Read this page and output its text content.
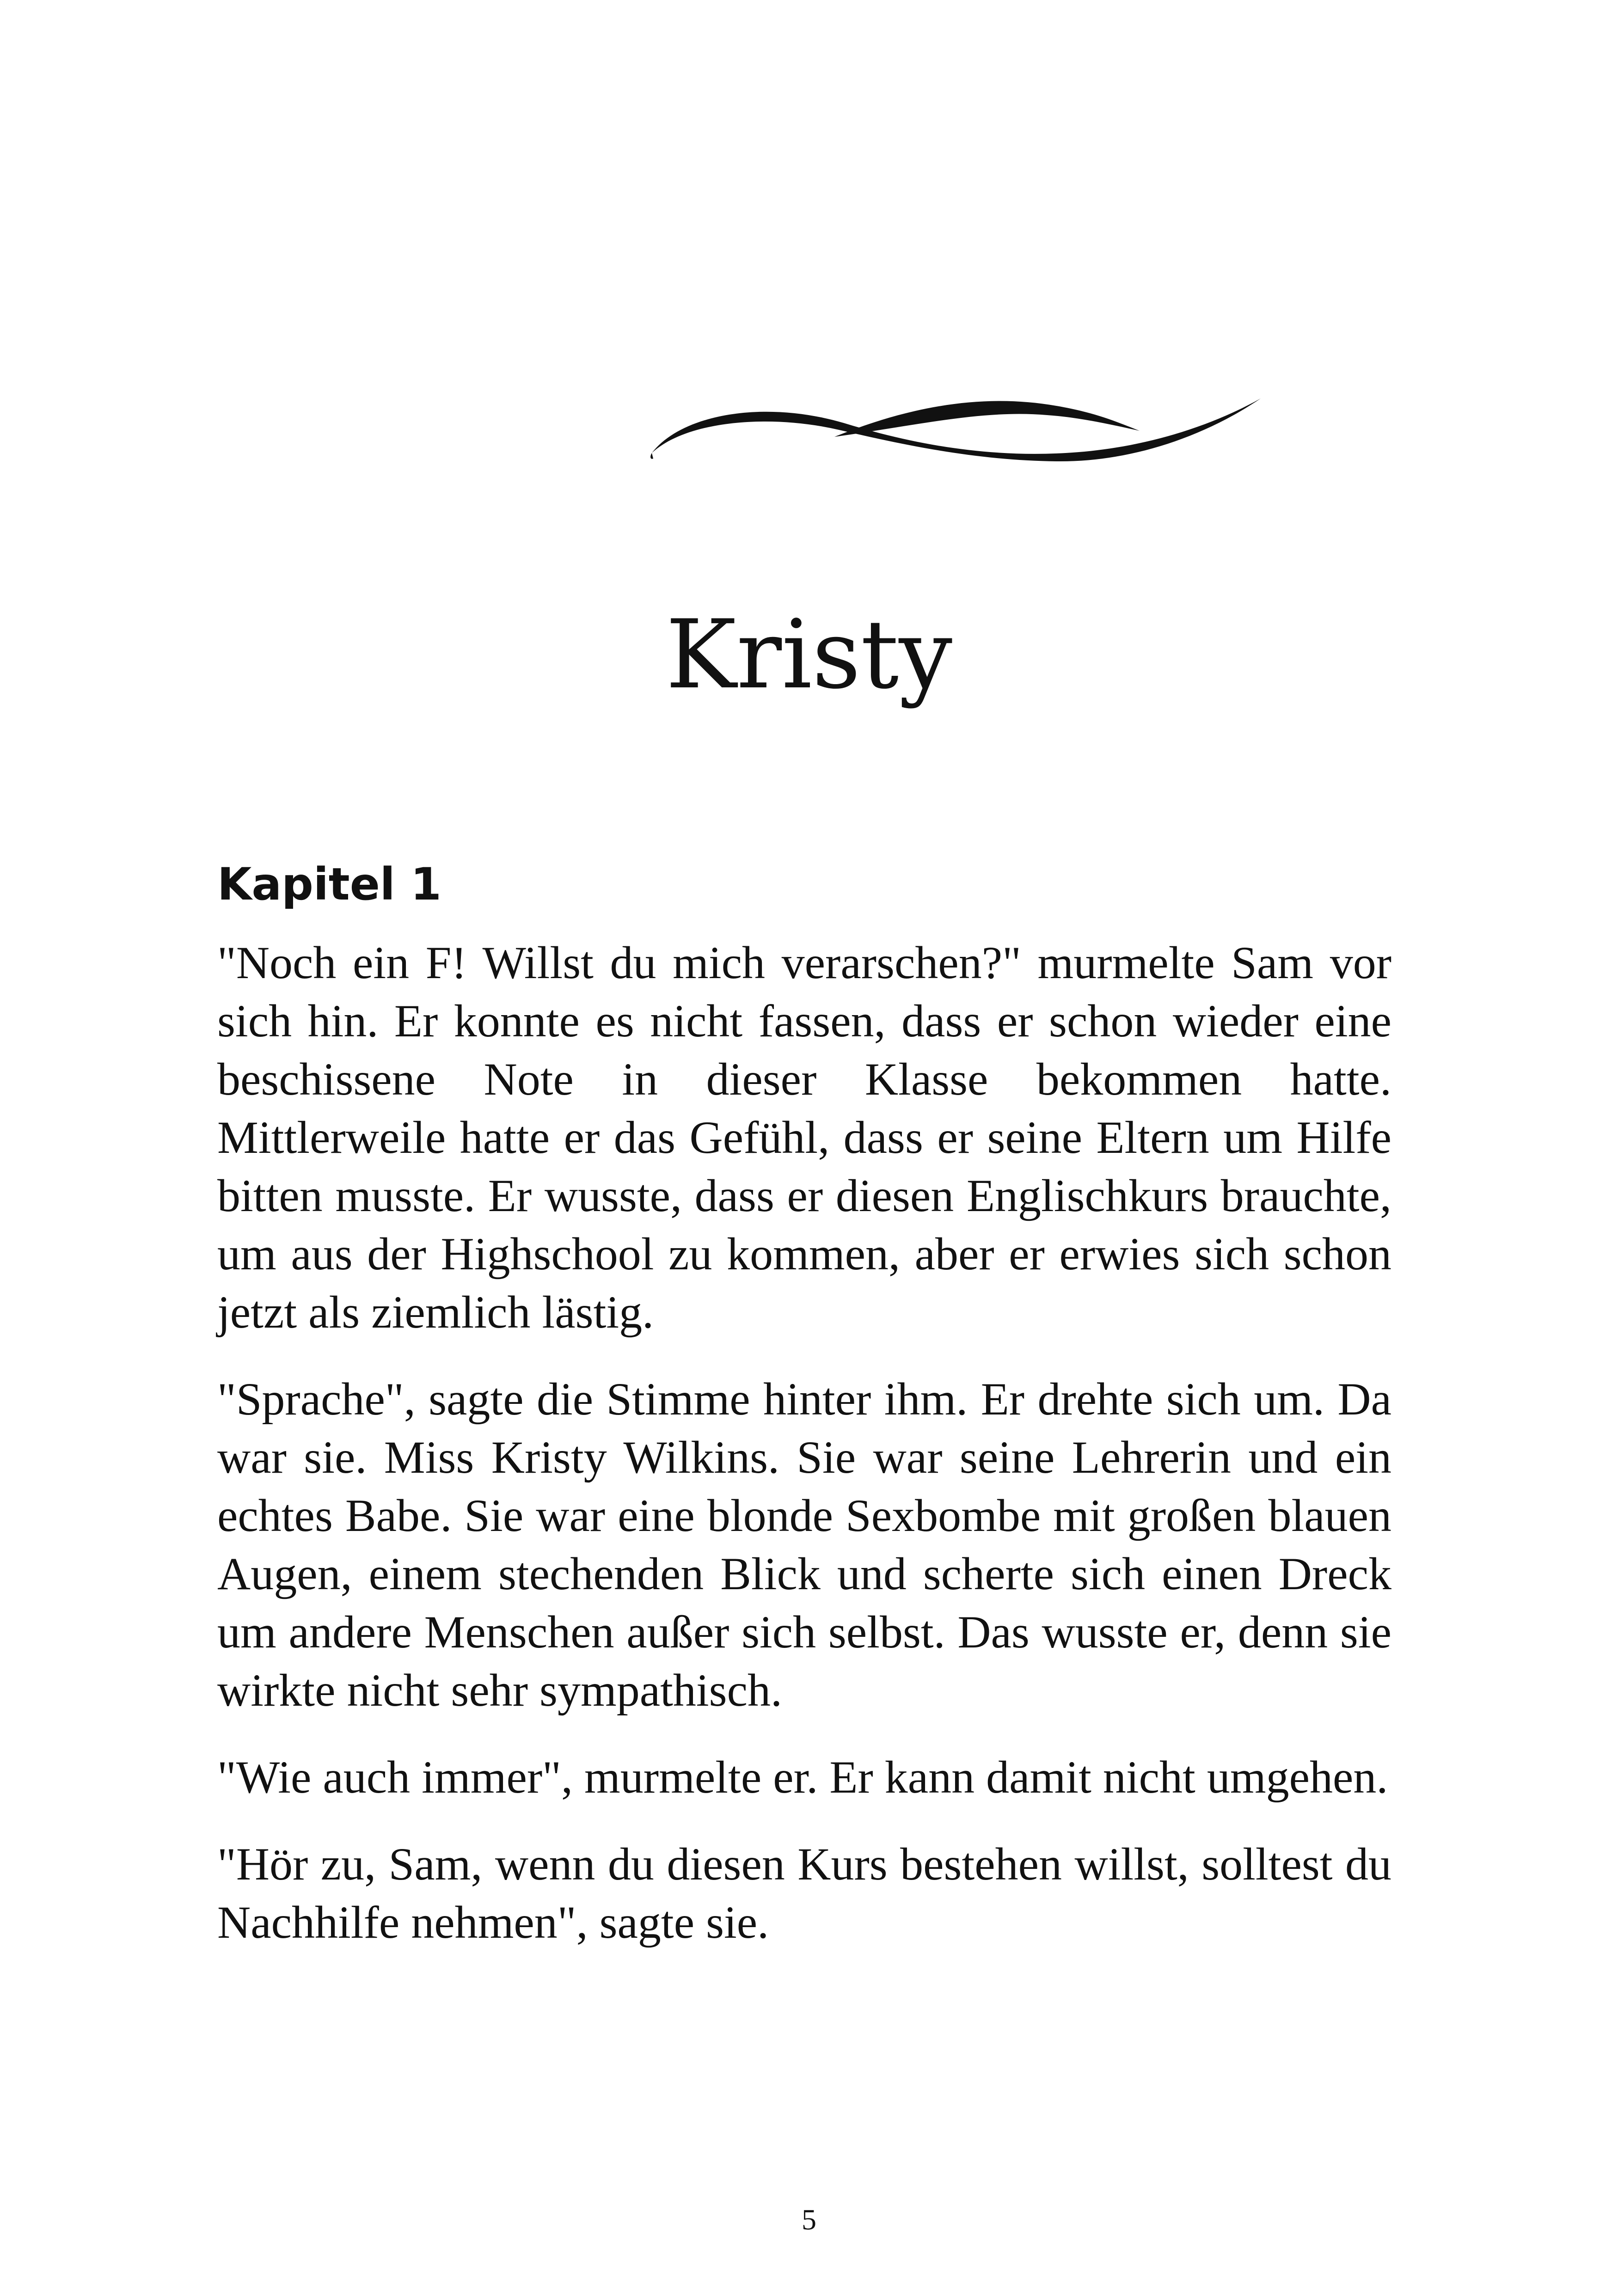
Kristy
Kapitel 1

"Noch ein F! Willst du mich verarschen?" murmelte Sam vor sich hin. Er konnte es nicht fassen, dass er schon wieder eine beschissene Note in dieser Klasse bekommen hatte. Mittlerweile hatte er das Gefühl, dass er seine Eltern um Hilfe bitten musste. Er wusste, dass er diesen Englischkurs brauchte, um aus der Highschool zu kommen, aber er erwies sich schon jetzt als ziemlich lästig.

"Sprache", sagte die Stimme hinter ihm. Er drehte sich um. Da war sie. Miss Kristy Wilkins. Sie war seine Lehrerin und ein echtes Babe. Sie war eine blonde Sexbombe mit großen blauen Augen, einem stechenden Blick und scherte sich einen Dreck um andere Menschen außer sich selbst. Das wusste er, denn sie wirkte nicht sehr sympathisch.

"Wie auch immer", murmelte er. Er kann damit nicht umgehen.

"Hör zu, Sam, wenn du diesen Kurs bestehen willst, solltest du Nachhilfe nehmen", sagte sie.

5
